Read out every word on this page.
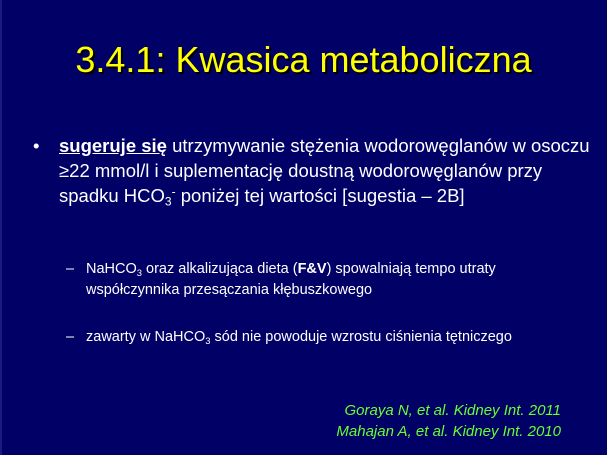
3.4.1: Kwasica metaboliczna
• sugeruje się utrzymywanie stężenia wodorowęglanów w osoczu ≥22 mmol/l i suplementację doustną wodorowęglanów przy spadku $HCO_3^-$ poniżej tej wartości [sugestia – 2B]
– NaHCO$_3$ oraz alkalizująca dieta (F&V) spowalniają tempo utraty współczynnika przesączania kłębuszkowego
– zawarty w NaHCO$_3$ sód nie powoduje wzrostu ciśnienia tętniczego
Goraya N, et al. Kidney Int. 2011
Mahajan A, et al. Kidney Int. 2010
